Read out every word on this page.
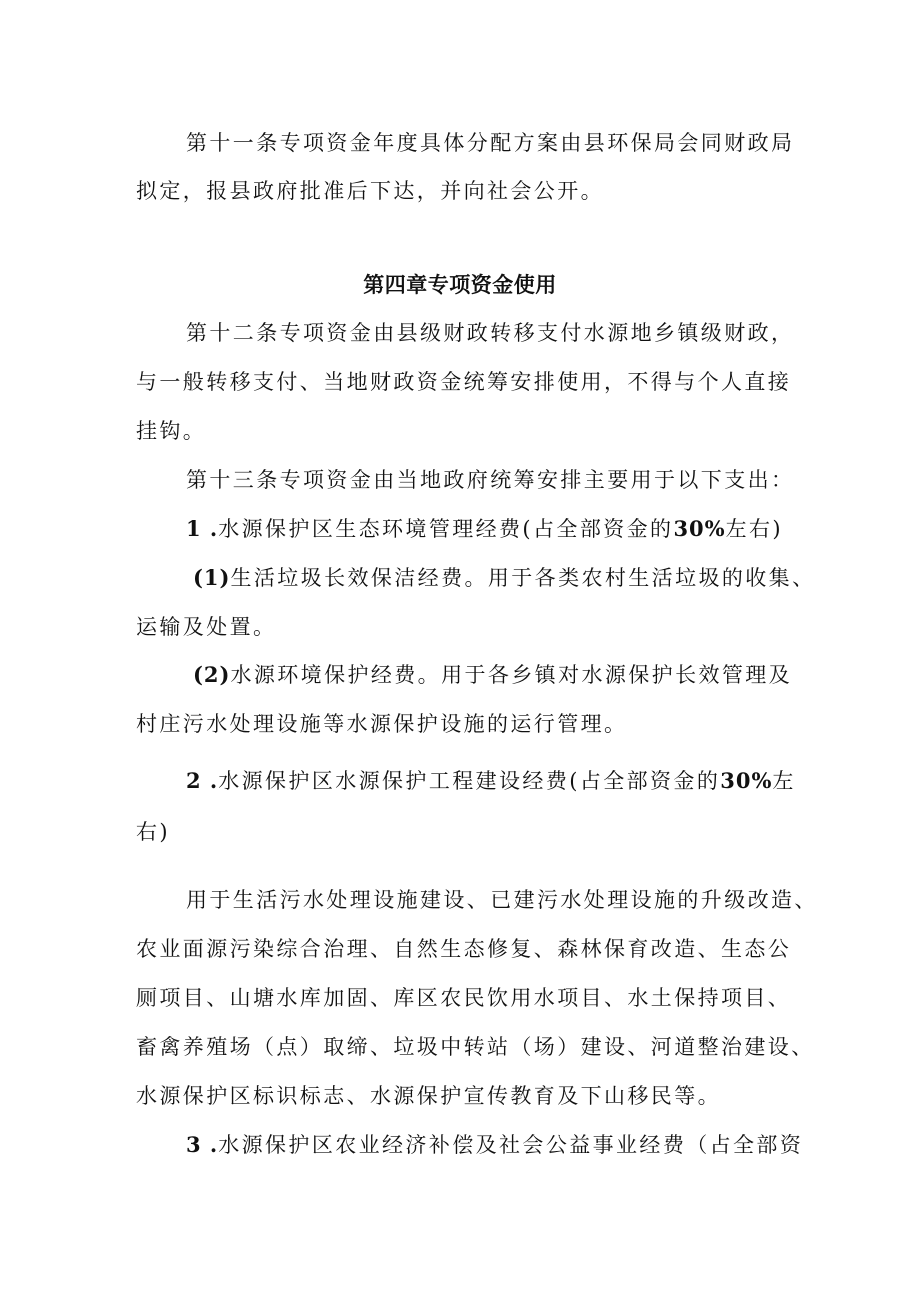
第十一条专项资金年度具体分配方案由县环保局会同财政局
拟定，报县政府批准后下达，并向社会公开。
第四章专项资金使用
第十二条专项资金由县级财政转移支付水源地乡镇级财政，
与一般转移支付、当地财政资金统筹安排使用，不得与个人直接
挂钩。
第十三条专项资金由当地政府统筹安排主要用于以下支出：
1 .水源保护区生态环境管理经费(占全部资金的30%左右)
(1)生活垃圾长效保洁经费。用于各类农村生活垃圾的收集、
运输及处置。
(2)水源环境保护经费。用于各乡镇对水源保护长效管理及
村庄污水处理设施等水源保护设施的运行管理。
2 .水源保护区水源保护工程建设经费(占全部资金的30%左
右)
用于生活污水处理设施建设、已建污水处理设施的升级改造、
农业面源污染综合治理、自然生态修复、森林保育改造、生态公
厕项目、山塘水库加固、库区农民饮用水项目、水土保持项目、
畜禽养殖场（点）取缔、垃圾中转站（场）建设、河道整治建设、
水源保护区标识标志、水源保护宣传教育及下山移民等。
3 .水源保护区农业经济补偿及社会公益事业经费（占全部资
